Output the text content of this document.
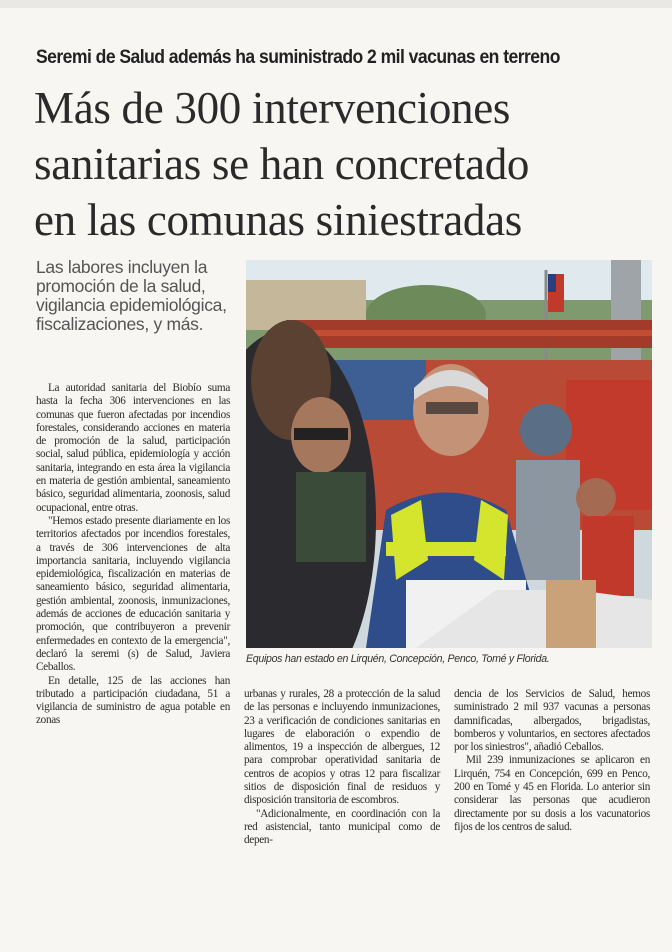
Seremi de Salud además ha suministrado 2 mil vacunas en terreno
Más de 300 intervenciones
sanitarias se han concretado
en las comunas siniestradas
Las labores incluyen la promoción de la salud, vigilancia epidemiológica, fiscalizaciones, y más.
Equipos han estado en Lirquén, Concepción, Penco, Tomé y Florida.

La autoridad sanitaria del Biobío suma hasta la fecha 306 intervenciones en las comunas que fueron afectadas por incendios forestales, considerando acciones en materia de promoción de la salud, participación social, salud pública, epidemiología y acción sanitaria, integrando en esta área la vigilancia en materia de gestión ambiental, saneamiento básico, seguridad alimentaria, zoonosis, salud ocupacional, entre otras.

"Hemos estado presente diariamente en los territorios afectados por incendios forestales, a través de 306 intervenciones de alta importancia sanitaria, incluyendo vigilancia epidemiológica, fiscalización en materias de saneamiento básico, seguridad alimentaria, gestión ambiental, zoonosis, inmunizaciones, además de acciones de educación sanitaria y promoción, que contribuyeron a prevenir enfermedades en contexto de la emergencia", declaró la seremi (s) de Salud, Javiera Ceballos.

En detalle, 125 de las acciones han tributado a participación ciudadana, 51 a vigilancia de suministro de agua potable en zonas

urbanas y rurales, 28 a protección de la salud de las personas e incluyendo inmunizaciones, 23 a verificación de condiciones sanitarias en lugares de elaboración o expendio de alimentos, 19 a inspección de albergues, 12 para comprobar operatividad sanitaria de centros de acopios y otras 12 para fiscalizar sitios de disposición final de residuos y disposición transitoria de escombros.

"Adicionalmente, en coordinación con la red asistencial, tanto municipal como de depen-

dencia de los Servicios de Salud, hemos suministrado 2 mil 937 vacunas a personas damnificadas, albergados, brigadistas, bomberos y voluntarios, en sectores afectados por los siniestros", añadió Ceballos.

Mil 239 inmunizaciones se aplicaron en Lirquén, 754 en Concepción, 699 en Penco, 200 en Tomé y 45 en Florida. Lo anterior sin considerar las personas que acudieron directamente por su dosis a los vacunatorios fijos de los centros de salud.
